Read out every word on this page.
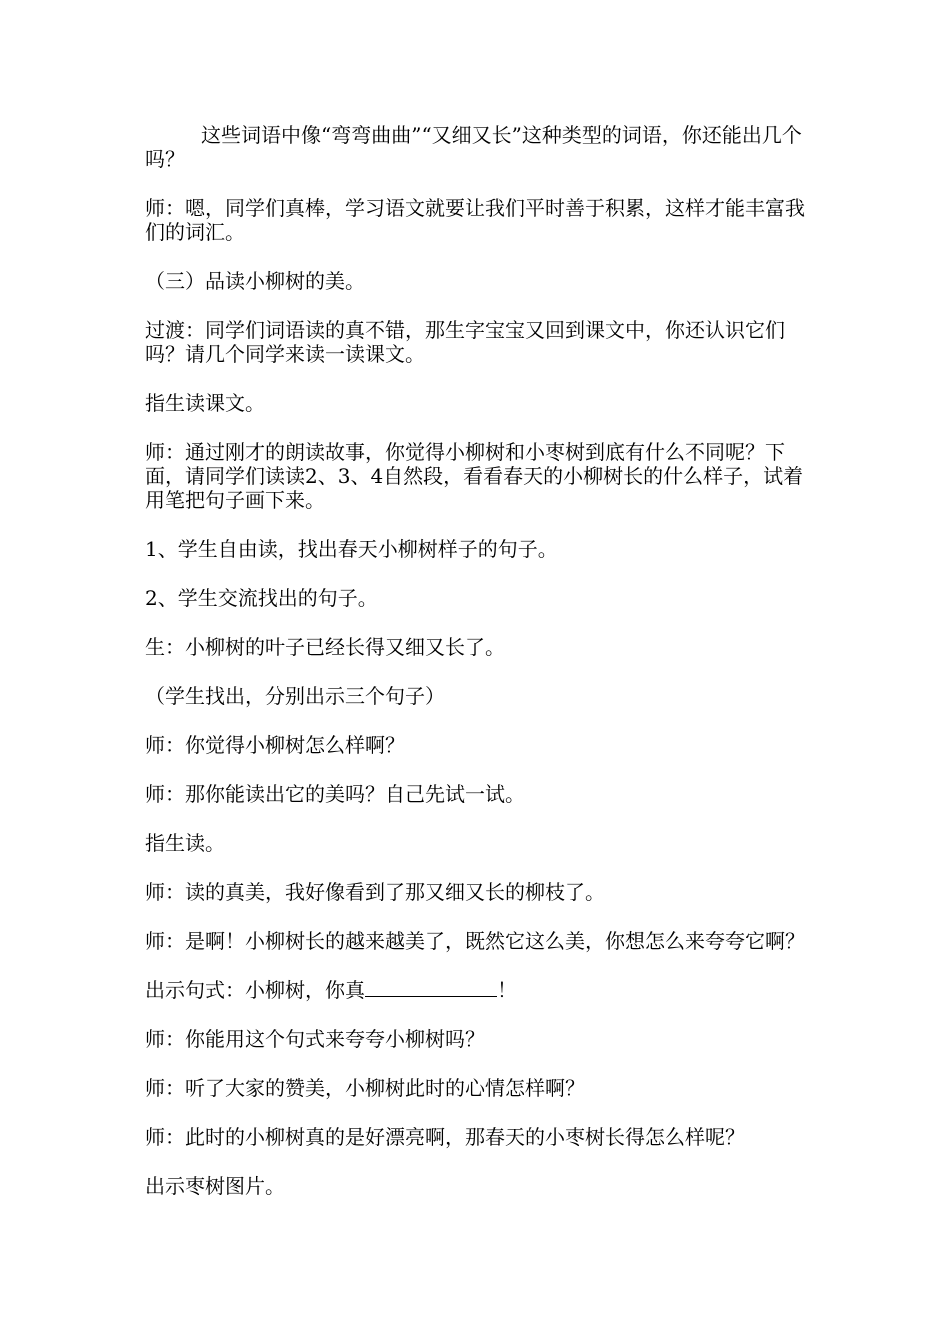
这些词语中像“弯弯曲曲”“又细又长”这种类型的词语，你还能出几个吗？

师：嗯，同学们真棒，学习语文就要让我们平时善于积累，这样才能丰富我们的词汇。

（三）品读小柳树的美。

过渡：同学们词语读的真不错，那生字宝宝又回到课文中，你还认识它们吗？请几个同学来读一读课文。

指生读课文。

师：通过刚才的朗读故事，你觉得小柳树和小枣树到底有什么不同呢？下面，请同学们读读2、3、4自然段，看看春天的小柳树长的什么样子，试着用笔把句子画下来。

1、学生自由读，找出春天小柳树样子的句子。

2、学生交流找出的句子。

生：小柳树的叶子已经长得又细又长了。

（学生找出，分别出示三个句子）

师：你觉得小柳树怎么样啊？

师：那你能读出它的美吗？自己先试一试。

指生读。

师：读的真美，我好像看到了那又细又长的柳枝了。

师：是啊！小柳树长的越来越美了，既然它这么美，你想怎么来夸夸它啊？

出示句式：小柳树，你真	！

师：你能用这个句式来夸夸小柳树吗？

师：听了大家的赞美，小柳树此时的心情怎样啊？

师：此时的小柳树真的是好漂亮啊，那春天的小枣树长得怎么样呢？

出示枣树图片。
